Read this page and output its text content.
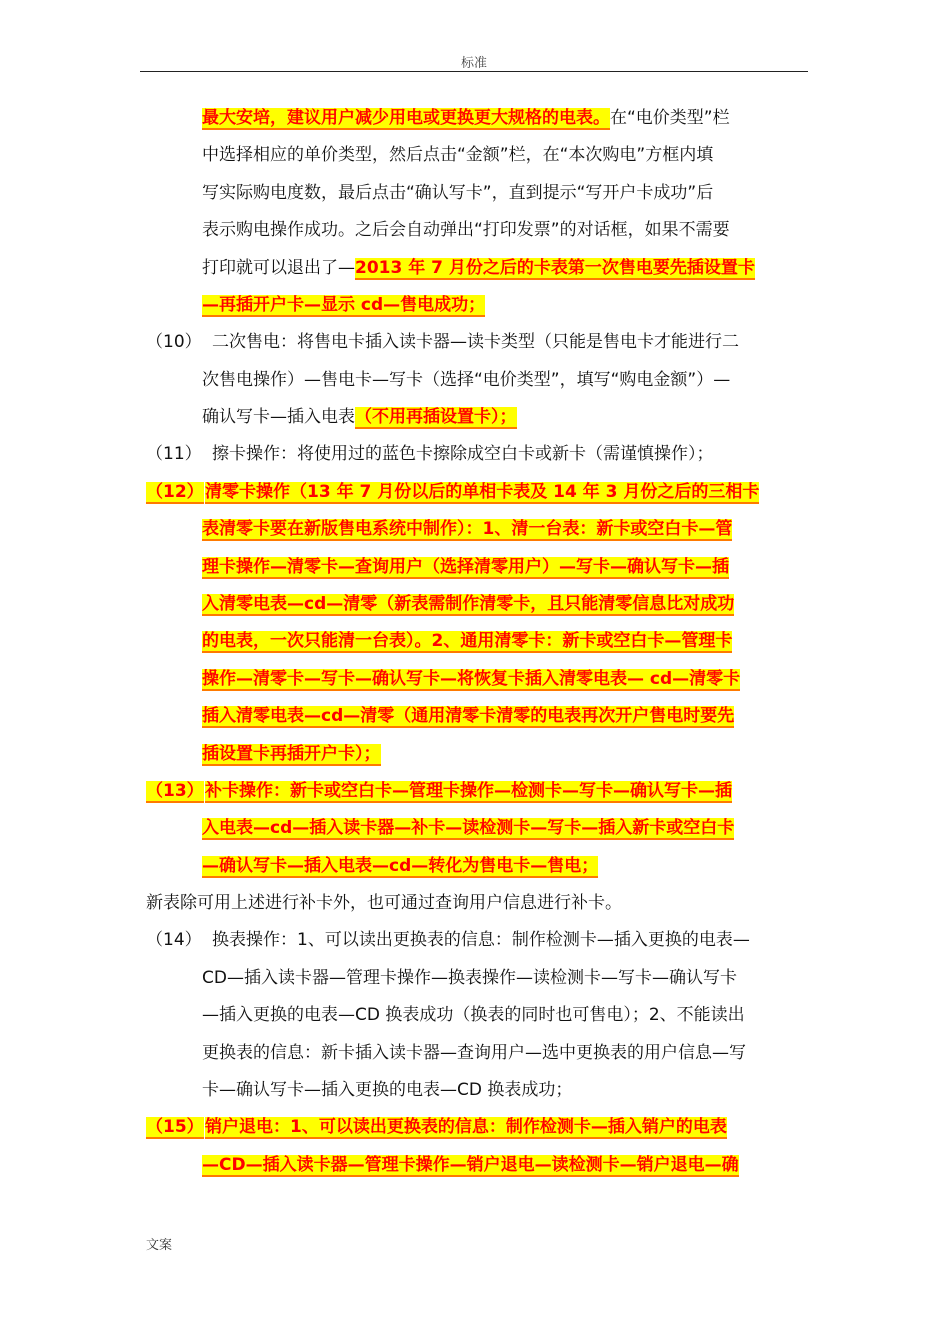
标准
最大安培，建议用户减少用电或更换更大规格的电表。在“电价类型”栏
中选择相应的单价类型，然后点击“金额”栏，在“本次购电”方框内填
写实际购电度数，最后点击“确认写卡”，直到提示“写开户卡成功”后
表示购电操作成功。之后会自动弹出“打印发票”的对话框，如果不需要
打印就可以退出了—2013 年 7 月份之后的卡表第一次售电要先插设置卡
—再插开户卡—显示 cd—售电成功；
（10） 二次售电：将售电卡插入读卡器—读卡类型（只能是售电卡才能进行二
次售电操作）—售电卡—写卡（选择“电价类型”，填写“购电金额”）—
确认写卡—插入电表（不用再插设置卡）；
（11） 擦卡操作：将使用过的蓝色卡擦除成空白卡或新卡（需谨慎操作）；
（12） 清零卡操作（13 年 7 月份以后的单相卡表及 14 年 3 月份之后的三相卡
表清零卡要在新版售电系统中制作）：1、清一台表：新卡或空白卡—管
理卡操作—清零卡—查询用户（选择清零用户）—写卡—确认写卡—插
入清零电表—cd—清零（新表需制作清零卡，且只能清零信息比对成功
的电表，一次只能清一台表）。2、通用清零卡：新卡或空白卡—管理卡
操作—清零卡—写卡—确认写卡—将恢复卡插入清零电表— cd—清零卡
插入清零电表—cd—清零（通用清零卡清零的电表再次开户售电时要先
插设置卡再插开户卡）；
（13） 补卡操作：新卡或空白卡—管理卡操作—检测卡—写卡—确认写卡—插
入电表—cd—插入读卡器—补卡—读检测卡—写卡—插入新卡或空白卡
—确认写卡—插入电表—cd—转化为售电卡—售电；
新表除可用上述进行补卡外，也可通过查询用户信息进行补卡。
（14） 换表操作：1、可以读出更换表的信息：制作检测卡—插入更换的电表—
CD—插入读卡器—管理卡操作—换表操作—读检测卡—写卡—确认写卡
—插入更换的电表—CD 换表成功（换表的同时也可售电）；2、不能读出
更换表的信息：新卡插入读卡器—查询用户—选中更换表的用户信息—写
卡—确认写卡—插入更换的电表—CD 换表成功；
（15） 销户退电：1、可以读出更换表的信息：制作检测卡—插入销户的电表
—CD—插入读卡器—管理卡操作—销户退电—读检测卡—销户退电—确
文案
